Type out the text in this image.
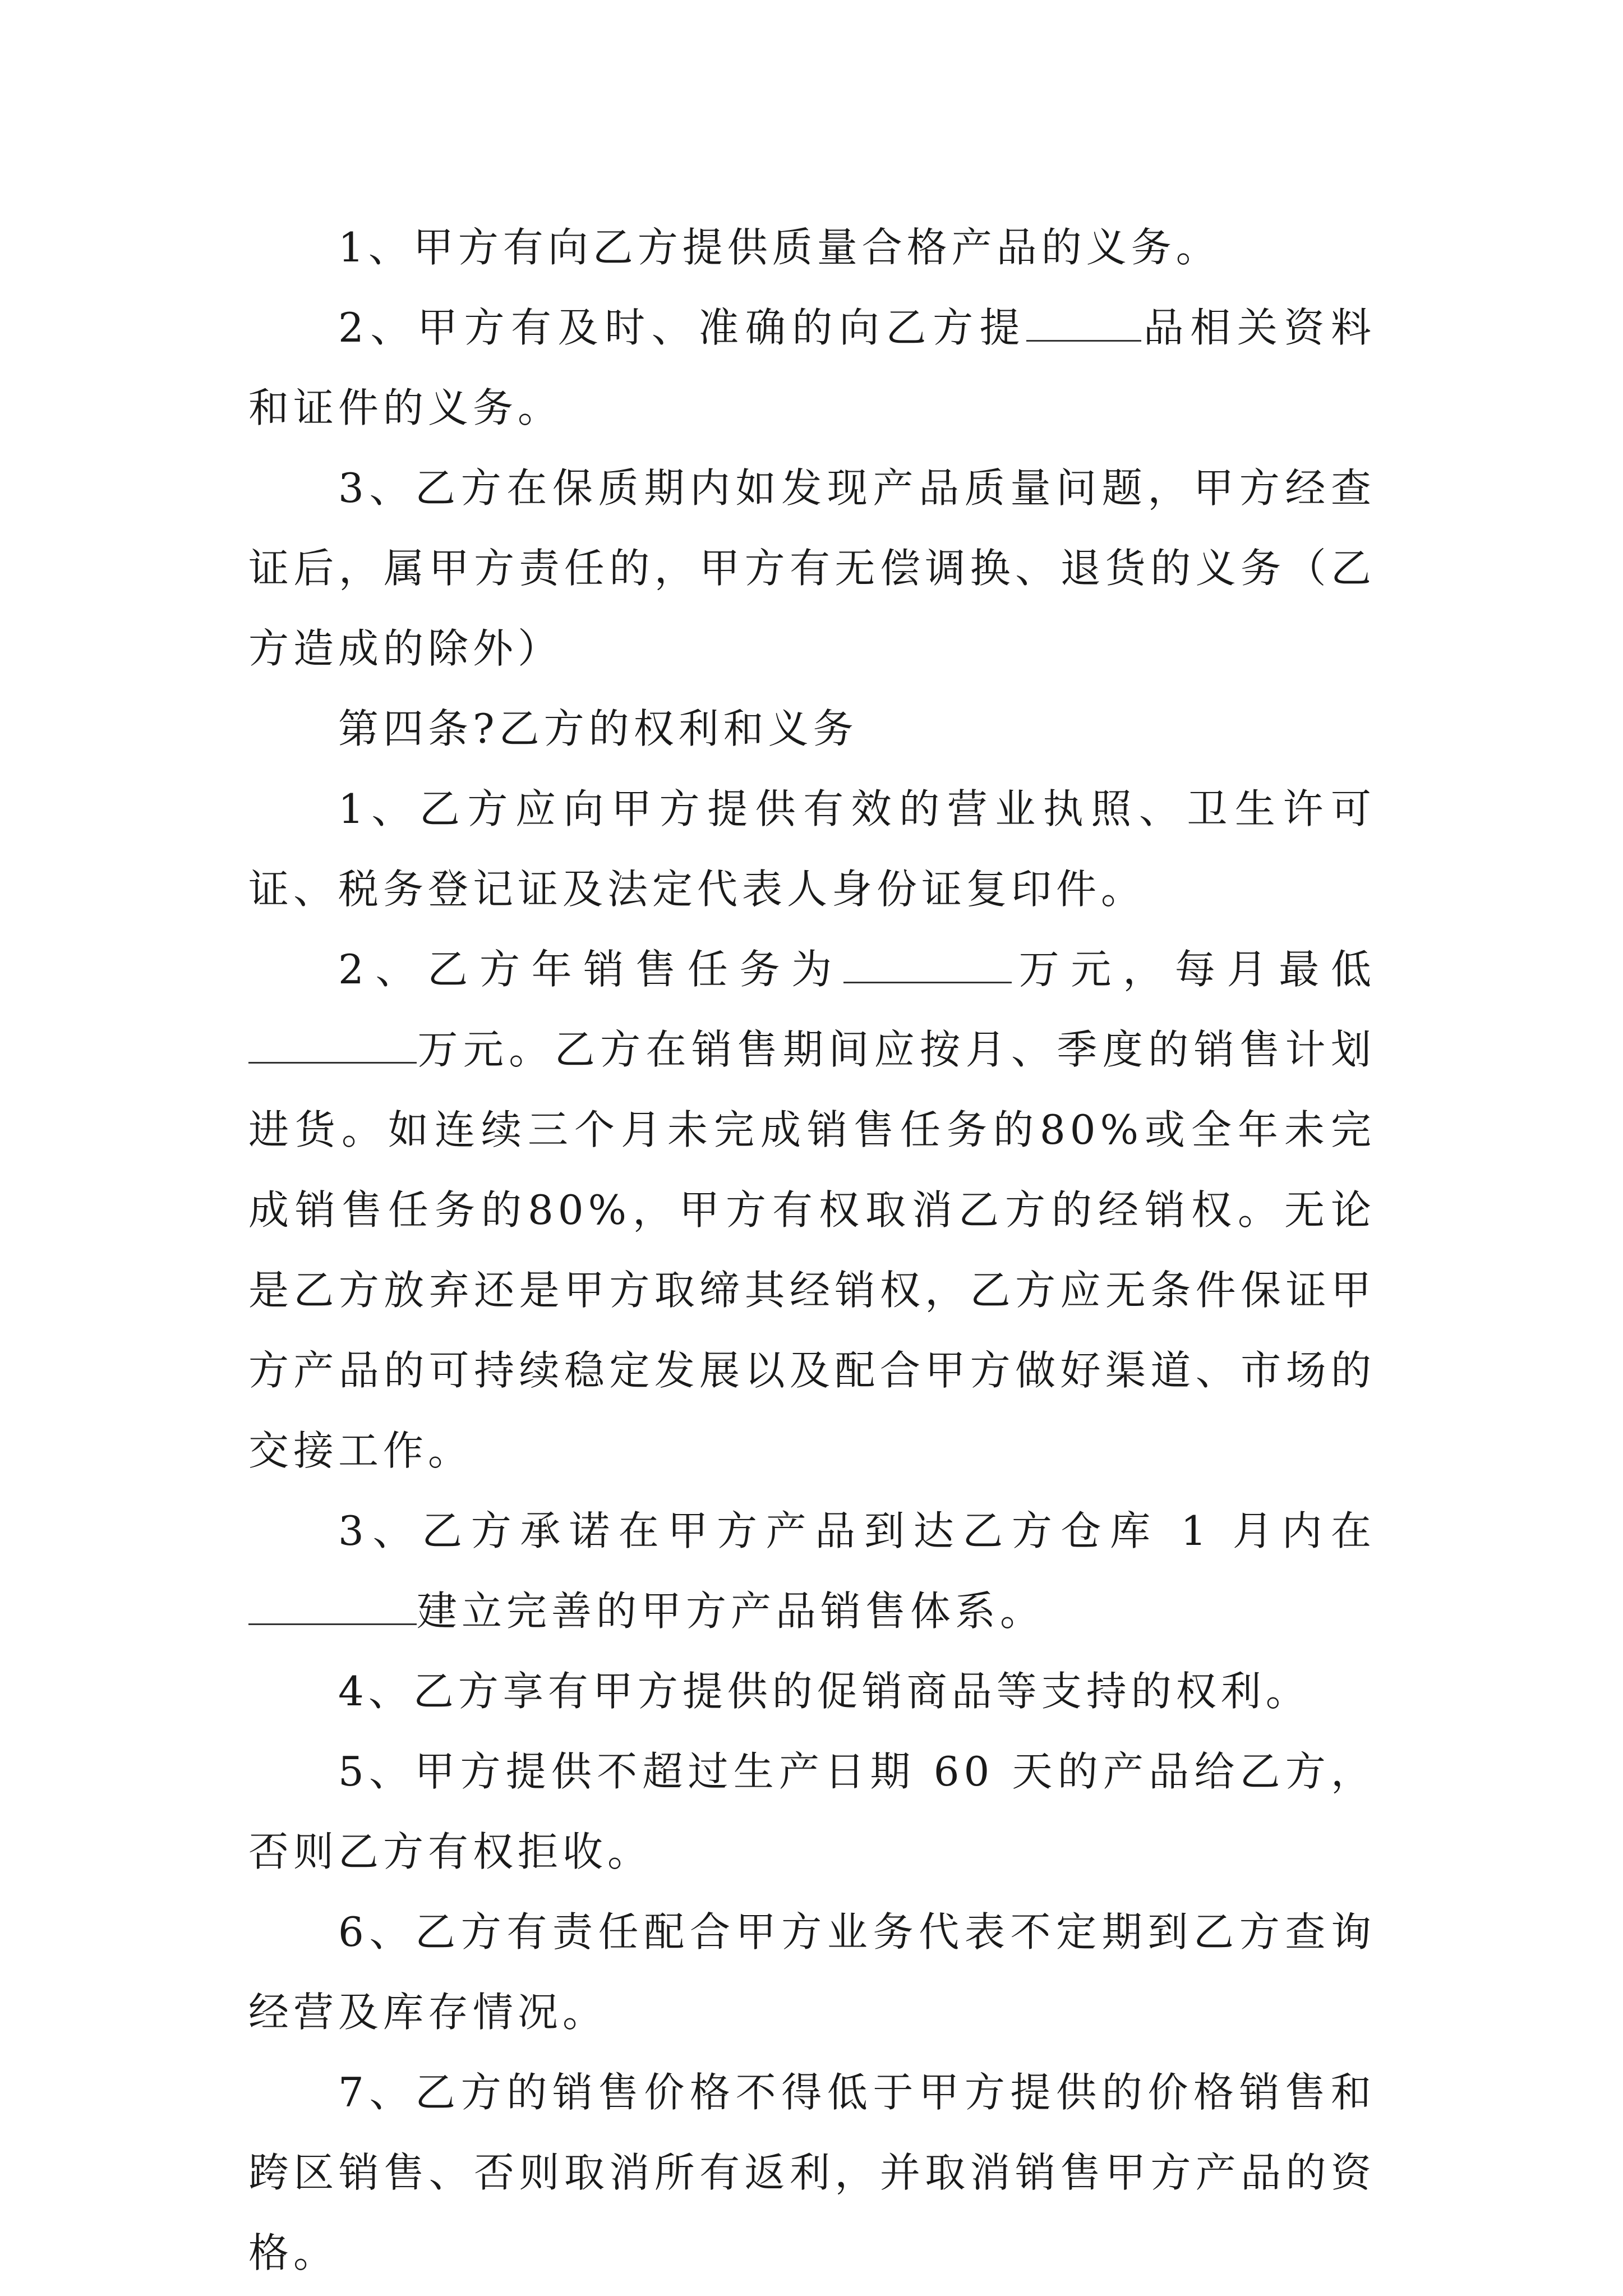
1、甲方有向乙方提供质量合格产品的义务。

2、甲方有及时、准确的向乙方提	品相关资料和证件的义务。

3、乙方在保质期内如发现产品质量问题，甲方经查证后，属甲方责任的，甲方有无偿调换、退货的义务（乙方造成的除外）

第四条?乙方的权利和义务

1、乙方应向甲方提供有效的营业执照、卫生许可证、税务登记证及法定代表人身份证复印件。

2、乙方年销售任务为	万元，每月最低万元。乙方在销售期间应按月、季度的销售计划进货。如连续三个月未完成销售任务的80%或全年未完成销售任务的80%，甲方有权取消乙方的经销权。无论是乙方放弃还是甲方取缔其经销权，乙方应无条件保证甲方产品的可持续稳定发展以及配合甲方做好渠道、市场的交接工作。

3、乙方承诺在甲方产品到达乙方仓库 1 月内在建立完善的甲方产品销售体系。

4、乙方享有甲方提供的促销商品等支持的权利。

5、甲方提供不超过生产日期 60 天的产品给乙方，否则乙方有权拒收。

6、乙方有责任配合甲方业务代表不定期到乙方查询经营及库存情况。

7、乙方的销售价格不得低于甲方提供的价格销售和跨区销售、否则取消所有返利，并取消销售甲方产品的资格。
